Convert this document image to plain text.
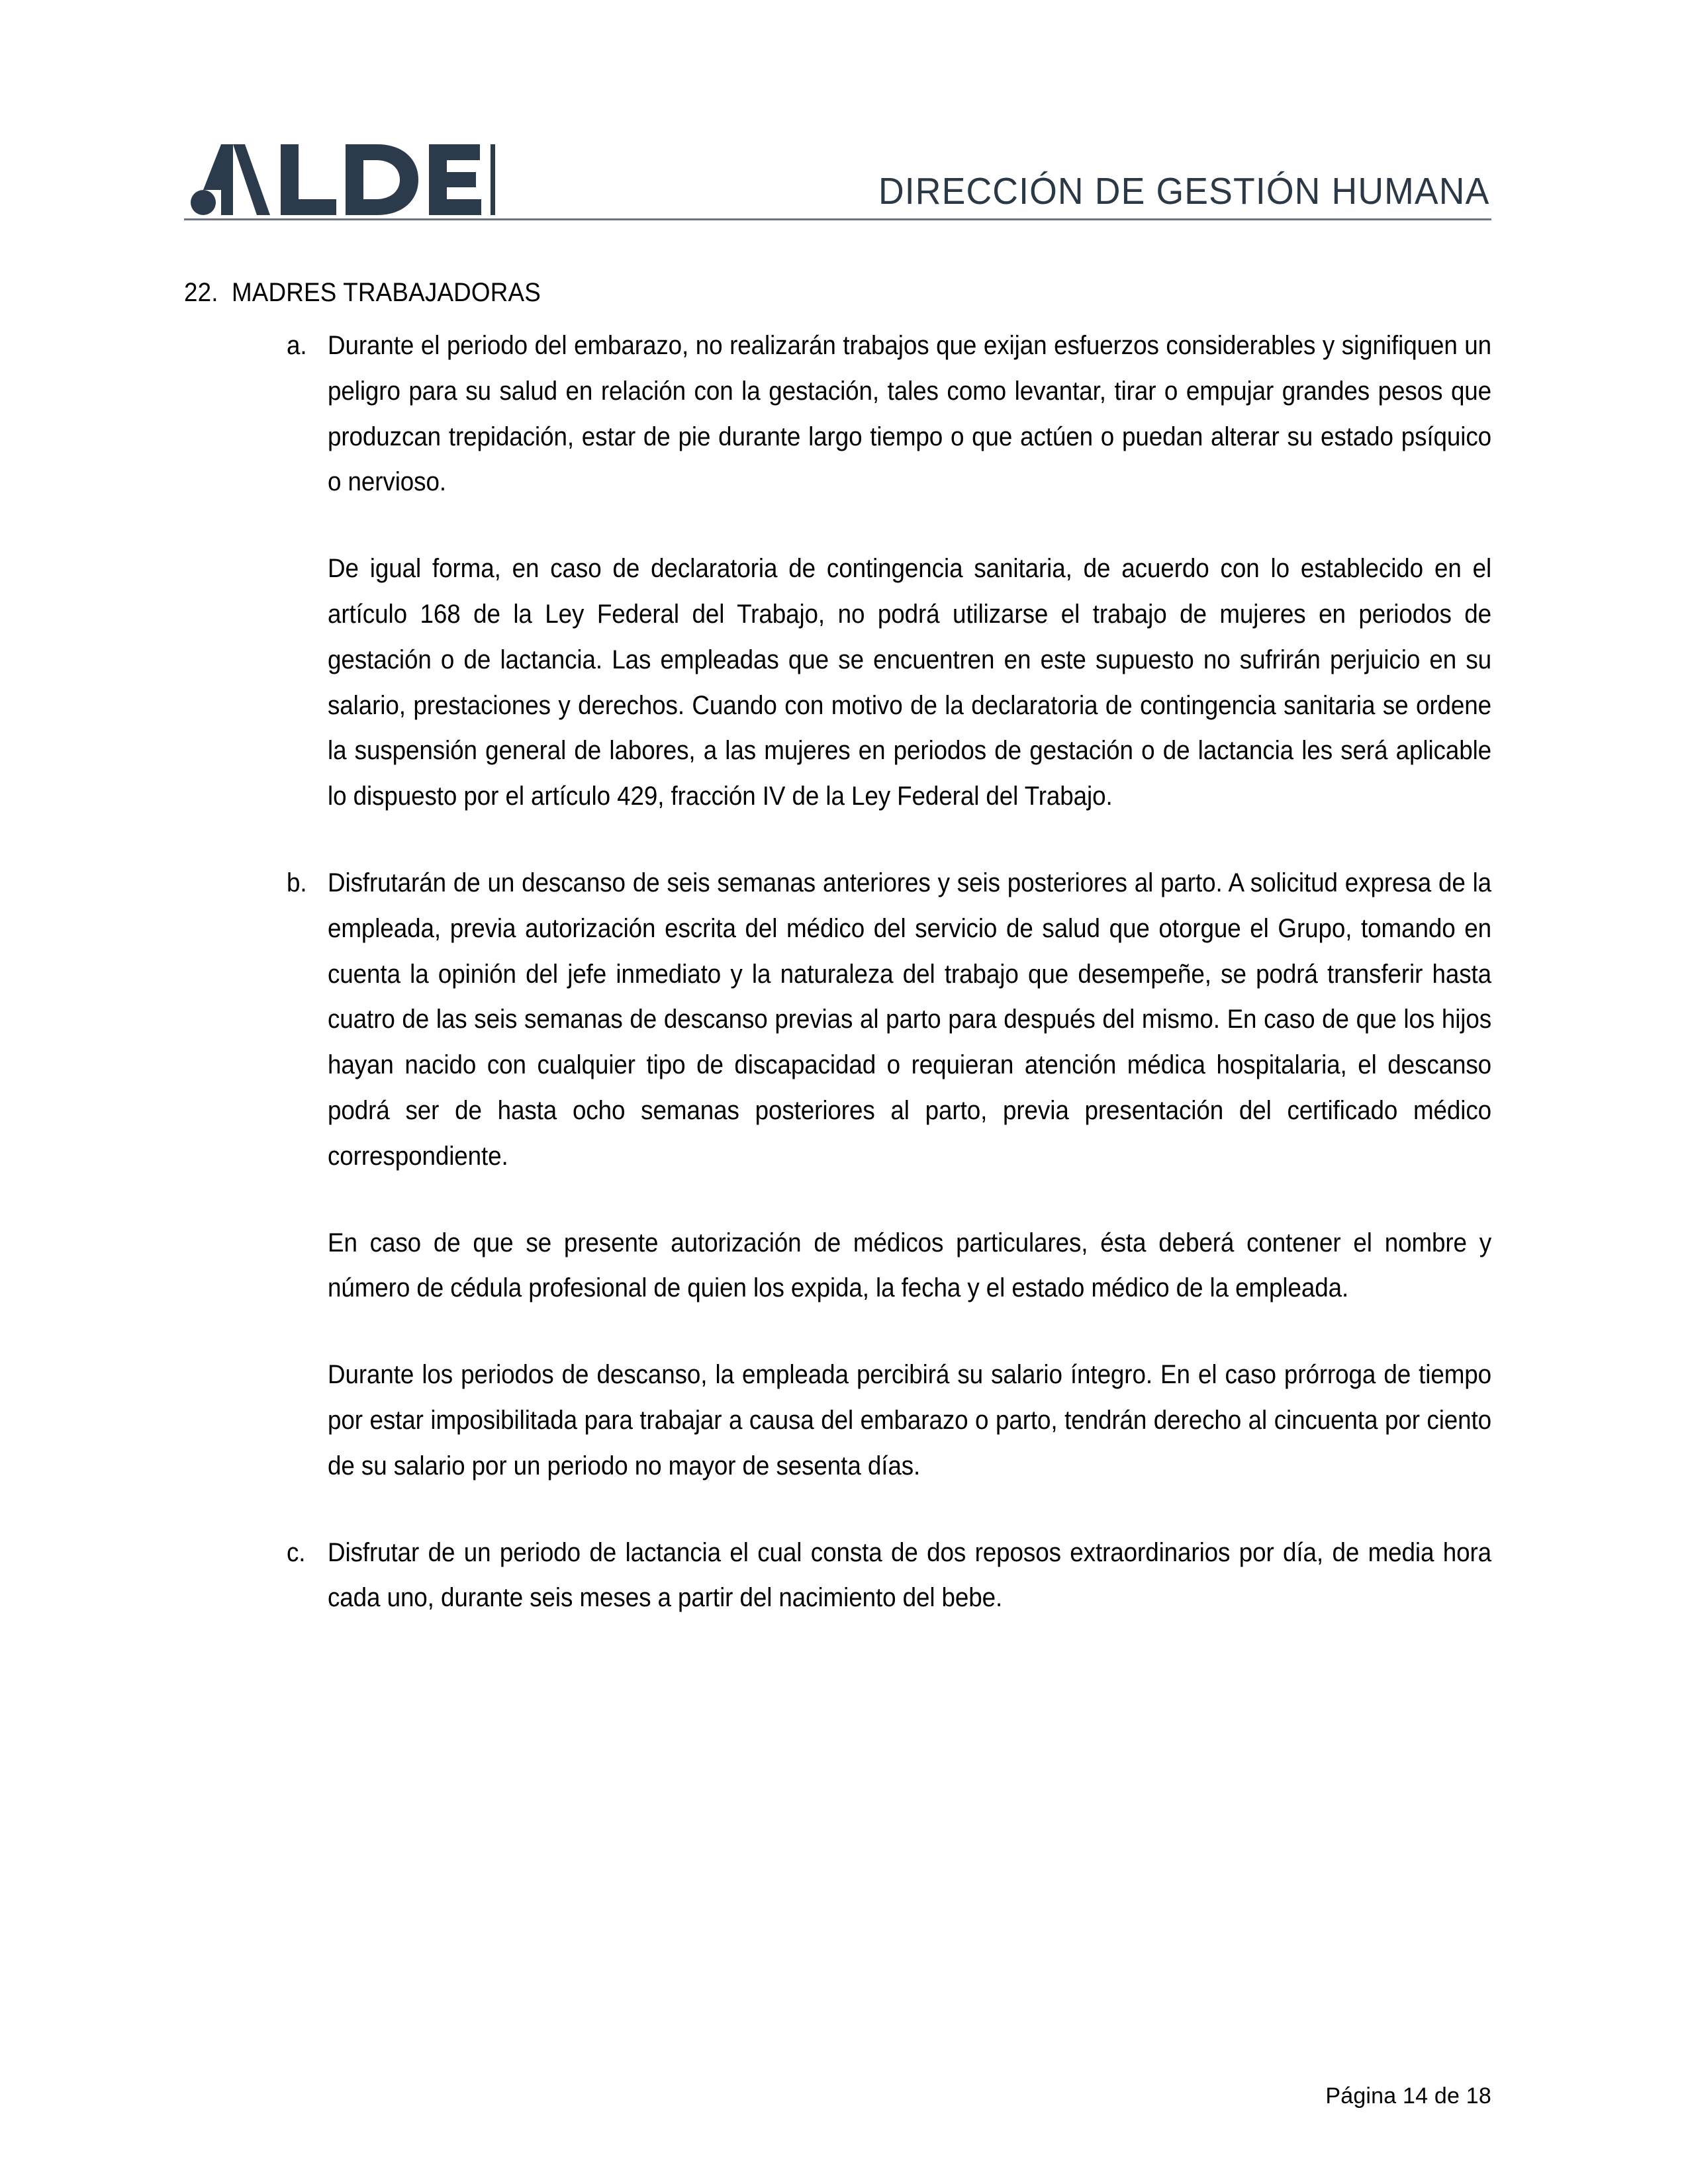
DIRECCIÓN DE GESTIÓN HUMANA
22. MADRES TRABAJADORAS
a. Durante el periodo del embarazo, no realizarán trabajos que exijan esfuerzos considerables y signifiquen un peligro para su salud en relación con la gestación, tales como levantar, tirar o empujar grandes pesos que produzcan trepidación, estar de pie durante largo tiempo o que actúen o puedan alterar su estado psíquico o nervioso.

De igual forma, en caso de declaratoria de contingencia sanitaria, de acuerdo con lo establecido en el artículo 168 de la Ley Federal del Trabajo, no podrá utilizarse el trabajo de mujeres en periodos de gestación o de lactancia. Las empleadas que se encuentren en este supuesto no sufrirán perjuicio en su salario, prestaciones y derechos. Cuando con motivo de la declaratoria de contingencia sanitaria se ordene la suspensión general de labores, a las mujeres en periodos de gestación o de lactancia les será aplicable lo dispuesto por el artículo 429, fracción IV de la Ley Federal del Trabajo.

b. Disfrutarán de un descanso de seis semanas anteriores y seis posteriores al parto. A solicitud expresa de la empleada, previa autorización escrita del médico del servicio de salud que otorgue el Grupo, tomando en cuenta la opinión del jefe inmediato y la naturaleza del trabajo que desempeñe, se podrá transferir hasta cuatro de las seis semanas de descanso previas al parto para después del mismo. En caso de que los hijos hayan nacido con cualquier tipo de discapacidad o requieran atención médica hospitalaria, el descanso podrá ser de hasta ocho semanas posteriores al parto, previa presentación del certificado médico correspondiente.

En caso de que se presente autorización de médicos particulares, ésta deberá contener el nombre y número de cédula profesional de quien los expida, la fecha y el estado médico de la empleada.

Durante los periodos de descanso, la empleada percibirá su salario íntegro. En el caso prórroga de tiempo por estar imposibilitada para trabajar a causa del embarazo o parto, tendrán derecho al cincuenta por ciento de su salario por un periodo no mayor de sesenta días.

c. Disfrutar de un periodo de lactancia el cual consta de dos reposos extraordinarios por día, de media hora cada uno, durante seis meses a partir del nacimiento del bebe.

Página 14 de 18
